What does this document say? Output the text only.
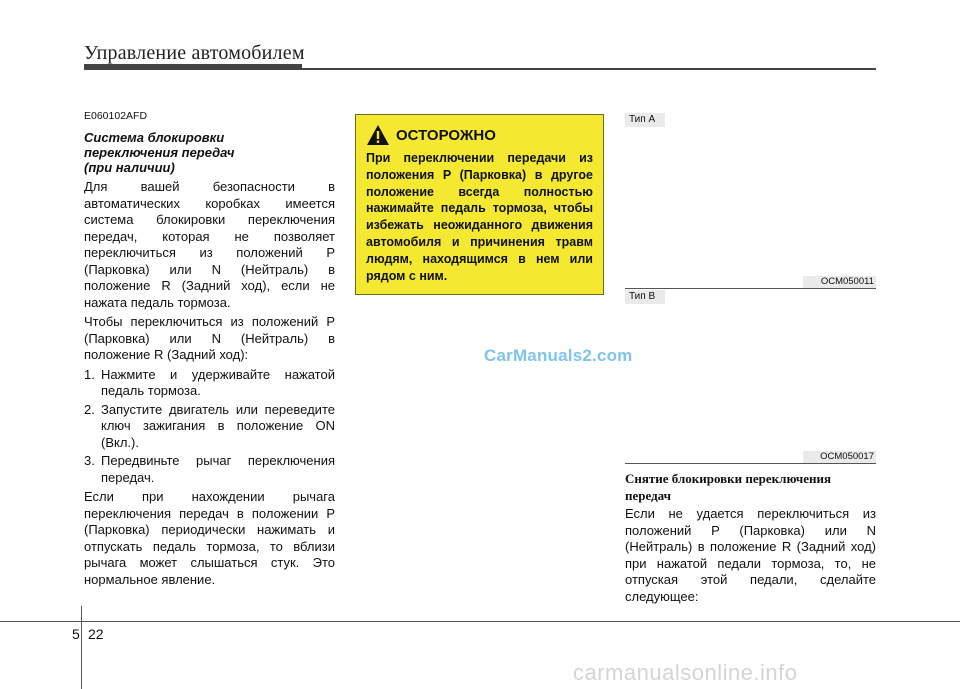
Управление автомобилем
E060102AFD
Система блокировки
переключения передач
(при наличии)

Для вашей безопасности в автоматических коробках имеется система блокировки переключения передач, которая не позволяет переключиться из положений P (Парковка) или N (Нейтраль) в положение R (Задний ход), если не нажата педаль тормоза.

Чтобы переключиться из положений P (Парковка) или N (Нейтраль) в положение R (Задний ход):

1. Нажмите и удерживайте нажатой педаль тормоза.
2. Запустите двигатель или переведите ключ зажигания в положение ON (Вкл.).
3. Передвиньте рычаг переключения передач.

Если при нахождении рычага переключения передач в положении P (Парковка) периодически нажимать и отпускать педаль тормоза, то вблизи рычага может слышаться стук. Это нормальное явление.

ОСТОРОЖНО

При переключении передачи из положения P (Парковка) в другое положение всегда полностью нажимайте педаль тормоза, чтобы избежать неожиданного движения автомобиля и причинения травм людям, находящимся в нем или рядом с ним.

Тип A
OCM050011
Тип B
OCM050017
Снятие блокировки переключения передач

Если не удается переключиться из положений P (Парковка) или N (Нейтраль) в положение R (Задний ход) при нажатой педали тормоза, то, не отпуская этой педали, сделайте следующее:

CarManuals2.com
5 22
carmanualsonline.info
